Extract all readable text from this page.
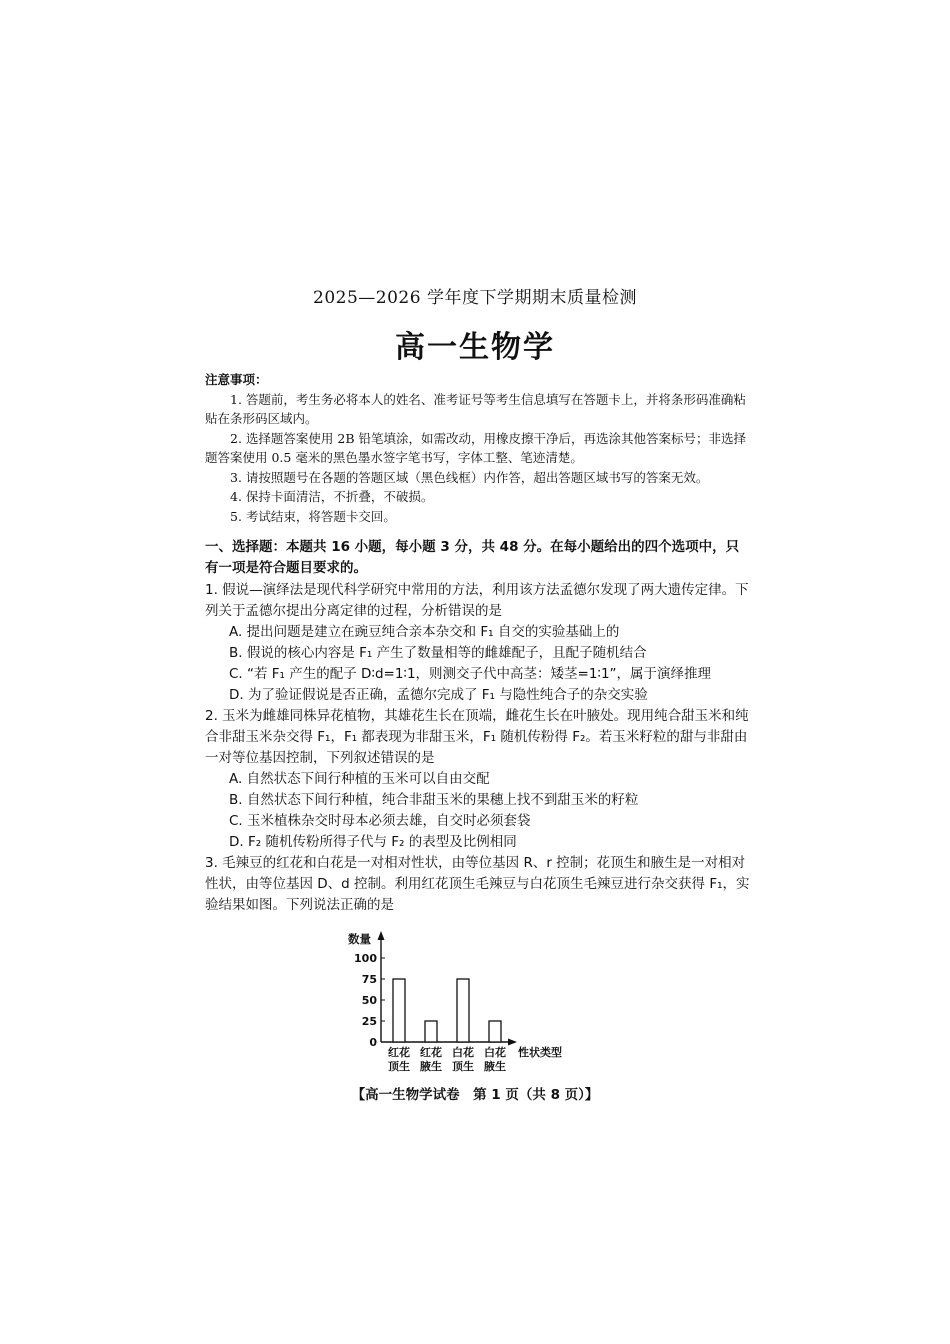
2025—2026 学年度下学期期末质量检测
高一生物学
注意事项：

1. 答题前，考生务必将本人的姓名、准考证号等考生信息填写在答题卡上，并将条形码准确粘贴在条形码区域内。

2. 选择题答案使用 2B 铅笔填涂，如需改动，用橡皮擦干净后，再选涂其他答案标号；非选择题答案使用 0.5 毫米的黑色墨水签字笔书写，字体工整、笔迹清楚。

3. 请按照题号在各题的答题区域（黑色线框）内作答，超出答题区域书写的答案无效。

4. 保持卡面清洁，不折叠，不破损。

5. 考试结束，将答题卡交回。

一、选择题：本题共 16 小题，每小题 3 分，共 48 分。在每小题给出的四个选项中，只有一项是符合题目要求的。

1. 假说—演绎法是现代科学研究中常用的方法，利用该方法孟德尔发现了两大遗传定律。下列关于孟德尔提出分离定律的过程，分析错误的是

A. 提出问题是建立在豌豆纯合亲本杂交和 F₁ 自交的实验基础上的

B. 假说的核心内容是 F₁ 产生了数量相等的雌雄配子，且配子随机结合

C. “若 F₁ 产生的配子 D∶d=1∶1，则测交子代中高茎：矮茎=1∶1”，属于演绎推理

D. 为了验证假说是否正确，孟德尔完成了 F₁ 与隐性纯合子的杂交实验

2. 玉米为雌雄同株异花植物，其雄花生长在顶端，雌花生长在叶腋处。现用纯合甜玉米和纯合非甜玉米杂交得 F₁，F₁ 都表现为非甜玉米，F₁ 随机传粉得 F₂。若玉米籽粒的甜与非甜由一对等位基因控制，下列叙述错误的是

A. 自然状态下间行种植的玉米可以自由交配

B. 自然状态下间行种植，纯合非甜玉米的果穗上找不到甜玉米的籽粒

C. 玉米植株杂交时母本必须去雄，自交时必须套袋

D. F₂ 随机传粉所得子代与 F₂ 的表型及比例相同

3. 毛辣豆的红花和白花是一对相对性状，由等位基因 R、r 控制；花顶生和腋生是一对相对性状，由等位基因 D、d 控制。利用红花顶生毛辣豆与白花顶生毛辣豆进行杂交获得 F₁，实验结果如图。下列说法正确的是

数量
0
25
50
75
100
红花
顶生
红花
腋生
白花
顶生
白花
腋生
性状类型
【高一生物学试卷　第 1 页（共 8 页）】
